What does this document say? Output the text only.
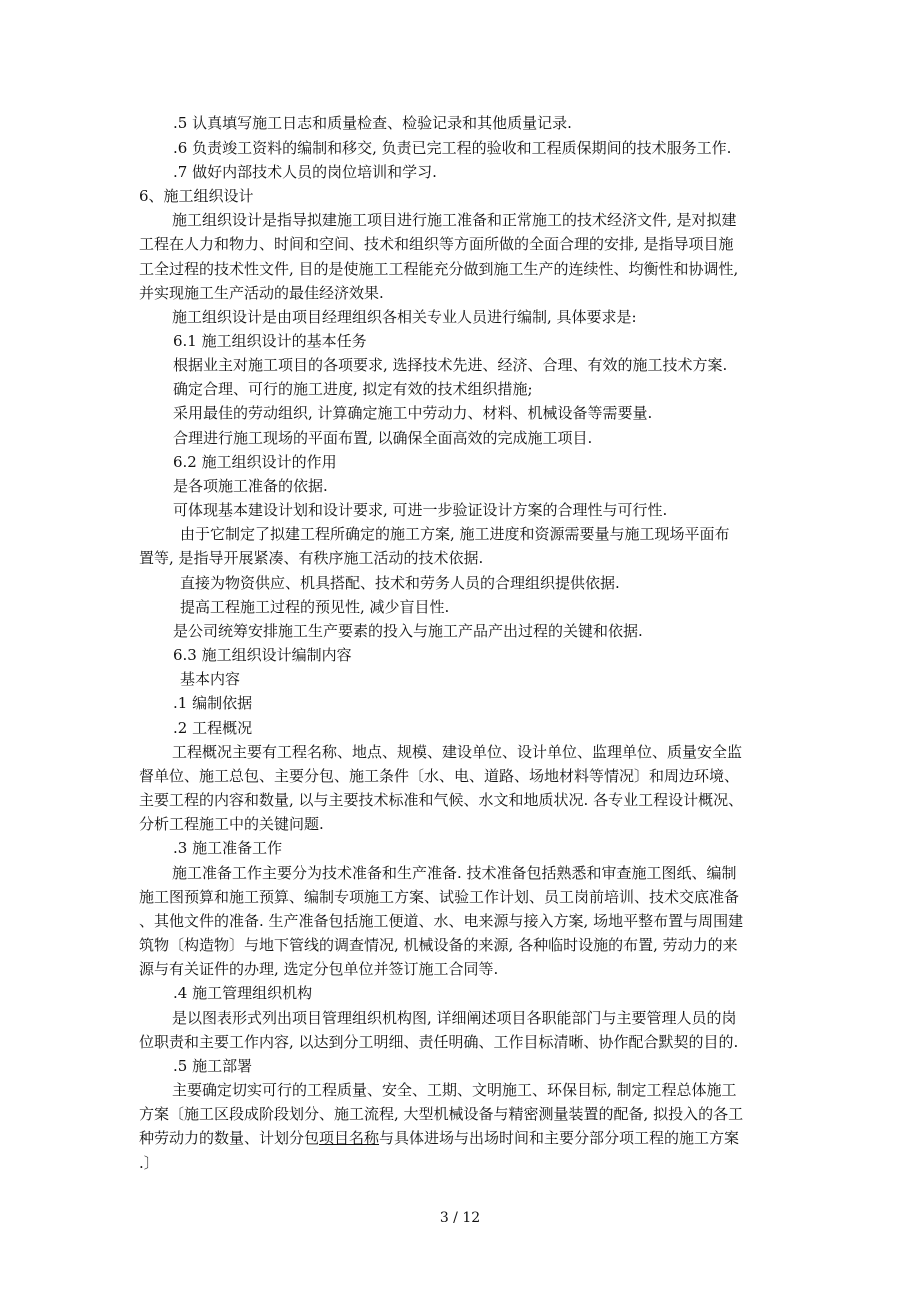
.5 认真填写施工日志和质量检查、检验记录和其他质量记录.
.6 负责竣工资料的编制和移交, 负责已完工程的验收和工程质保期间的技术服务工作.
.7 做好内部技术人员的岗位培训和学习.
6、施工组织设计
施工组织设计是指导拟建施工项目进行施工准备和正常施工的技术经济文件, 是对拟建
工程在人力和物力、时间和空间、技术和组织等方面所做的全面合理的安排, 是指导项目施
工全过程的技术性文件, 目的是使施工工程能充分做到施工生产的连续性、均衡性和协调性,
并实现施工生产活动的最佳经济效果.
施工组织设计是由项目经理组织各相关专业人员进行编制, 具体要求是:
6.1 施工组织设计的基本任务
根据业主对施工项目的各项要求, 选择技术先进、经济、合理、有效的施工技术方案.
确定合理、可行的施工进度, 拟定有效的技术组织措施;
采用最佳的劳动组织, 计算确定施工中劳动力、材料、机械设备等需要量.
合理进行施工现场的平面布置, 以确保全面高效的完成施工项目.
6.2 施工组织设计的作用
是各项施工准备的依据.
可体现基本建设计划和设计要求, 可进一步验证设计方案的合理性与可行性.
由于它制定了拟建工程所确定的施工方案, 施工进度和资源需要量与施工现场平面布
置等, 是指导开展紧凑、有秩序施工活动的技术依据.
直接为物资供应、机具搭配、技术和劳务人员的合理组织提供依据.
提高工程施工过程的预见性, 减少盲目性.
是公司统筹安排施工生产要素的投入与施工产品产出过程的关键和依据.
6.3 施工组织设计编制内容
基本内容
.1 编制依据
.2 工程概况
工程概况主要有工程名称、地点、规模、建设单位、设计单位、监理单位、质量安全监
督单位、施工总包、主要分包、施工条件〔水、电、道路、场地材料等情况〕和周边环境、
主要工程的内容和数量, 以与主要技术标准和气候、水文和地质状况. 各专业工程设计概况、
分析工程施工中的关键问题.
.3 施工准备工作
施工准备工作主要分为技术准备和生产准备. 技术准备包括熟悉和审查施工图纸、编制
施工图预算和施工预算、编制专项施工方案、试验工作计划、员工岗前培训、技术交底准备
、其他文件的准备. 生产准备包括施工便道、水、电来源与接入方案, 场地平整布置与周围建
筑物〔构造物〕与地下管线的调查情况, 机械设备的来源, 各种临时设施的布置, 劳动力的来
源与有关证件的办理, 选定分包单位并签订施工合同等.
.4 施工管理组织机构
是以图表形式列出项目管理组织机构图, 详细阐述项目各职能部门与主要管理人员的岗
位职责和主要工作内容, 以达到分工明细、责任明确、工作目标清晰、协作配合默契的目的.
.5 施工部署
主要确定切实可行的工程质量、安全、工期、文明施工、环保目标, 制定工程总体施工
方案〔施工区段成阶段划分、施工流程, 大型机械设备与精密测量装置的配备, 拟投入的各工
种劳动力的数量、计划分包项目名称与具体进场与出场时间和主要分部分项工程的施工方案
.〕
3 / 12
